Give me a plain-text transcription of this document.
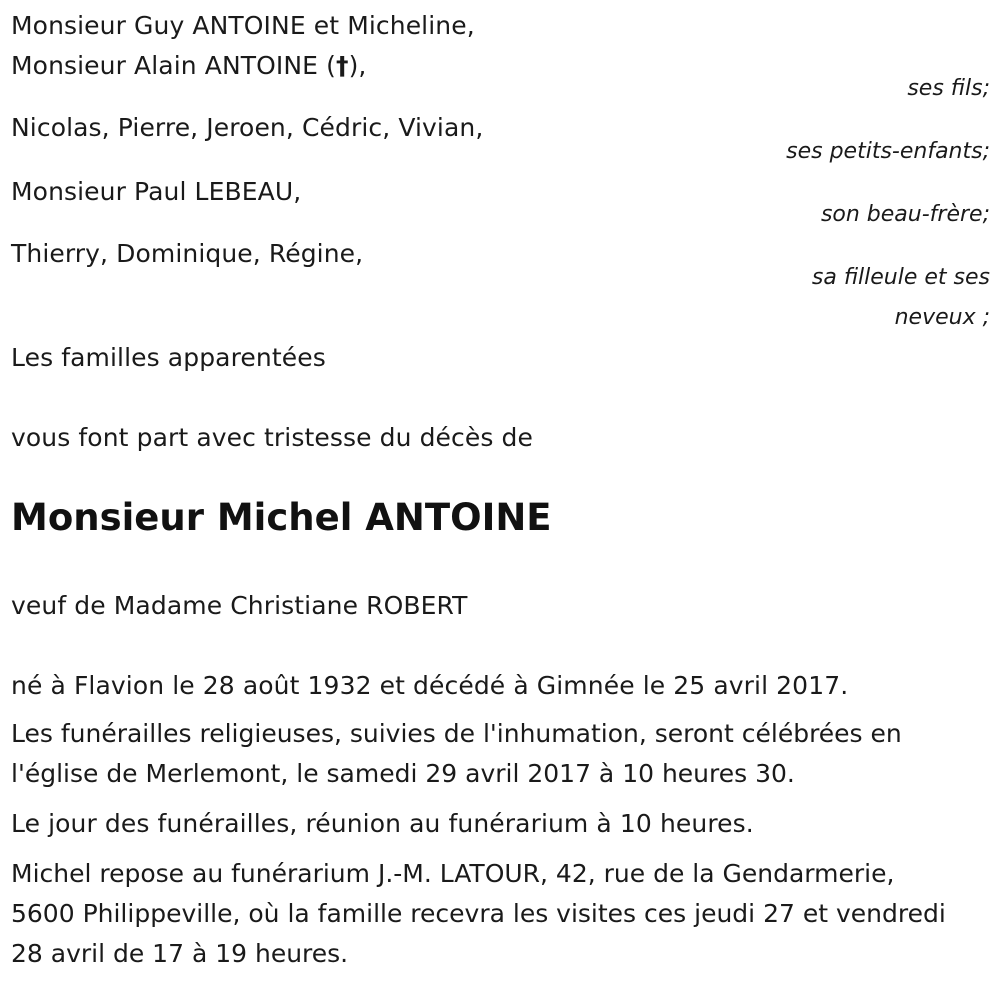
Monsieur Guy ANTOINE et Micheline,
Monsieur Alain ANTOINE (†),
ses fils;
Nicolas, Pierre, Jeroen, Cédric, Vivian,
ses petits-enfants;
Monsieur Paul LEBEAU,
son beau-frère;
Thierry, Dominique, Régine,
sa filleule et ses
neveux ;
Les familles apparentées
vous font part avec tristesse du décès de
Monsieur Michel ANTOINE
veuf de Madame Christiane ROBERT
né à Flavion le 28 août 1932 et décédé à Gimnée le 25 avril 2017.
Les funérailles religieuses, suivies de l'inhumation, seront célébrées en
l'église de Merlemont, le samedi 29 avril 2017 à 10 heures 30.
Le jour des funérailles, réunion au funérarium à 10 heures.
Michel repose au funérarium J.-M. LATOUR, 42, rue de la Gendarmerie,
5600 Philippeville, où la famille recevra les visites ces jeudi 27 et vendredi
28 avril de 17 à 19 heures.
